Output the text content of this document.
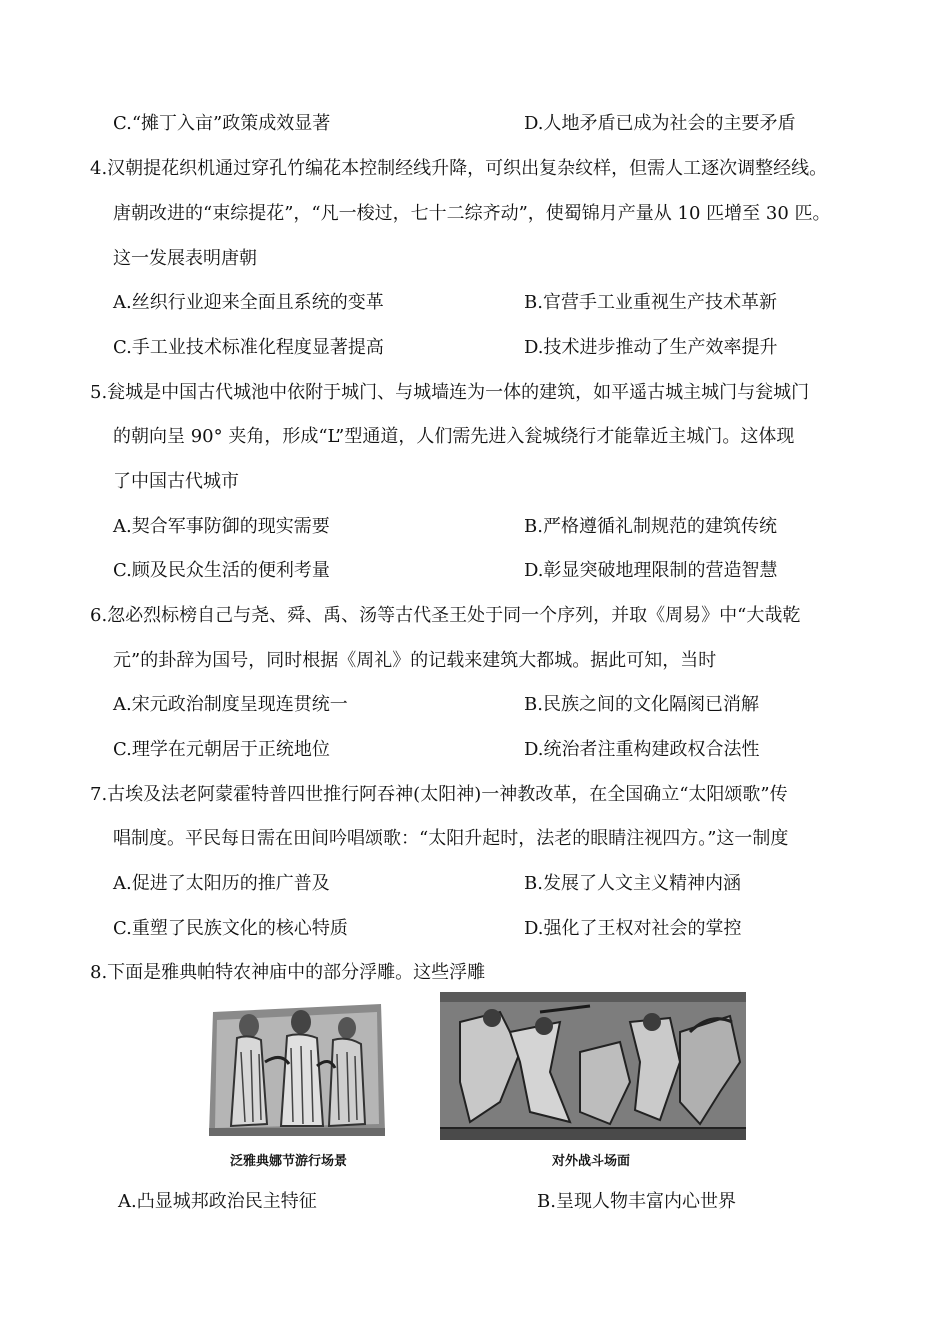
C.“摊丁入亩”政策成效显著	D.人地矛盾已成为社会的主要矛盾
4.汉朝提花织机通过穿孔竹编花本控制经线升降，可织出复杂纹样，但需人工逐次调整经线。
唐朝改进的“束综提花”，“凡一梭过，七十二综齐动”，使蜀锦月产量从 10 匹增至 30 匹。
这一发展表明唐朝
A.丝织行业迎来全面且系统的变革	B.官营手工业重视生产技术革新
C.手工业技术标准化程度显著提高	D.技术进步推动了生产效率提升
5.瓮城是中国古代城池中依附于城门、与城墙连为一体的建筑，如平遥古城主城门与瓮城门
的朝向呈 90° 夹角，形成“L”型通道，人们需先进入瓮城绕行才能靠近主城门。这体现
了中国古代城市
A.契合军事防御的现实需要	B.严格遵循礼制规范的建筑传统
C.顾及民众生活的便利考量	D.彰显突破地理限制的营造智慧
6.忽必烈标榜自己与尧、舜、禹、汤等古代圣王处于同一个序列，并取《周易》中“大哉乾
元”的卦辞为国号，同时根据《周礼》的记载来建筑大都城。据此可知，当时
A.宋元政治制度呈现连贯统一	B.民族之间的文化隔阂已消解
C.理学在元朝居于正统地位	D.统治者注重构建政权合法性
7.古埃及法老阿蒙霍特普四世推行阿吞神(太阳神)一神教改革，在全国确立“太阳颂歌”传
唱制度。平民每日需在田间吟唱颂歌：“太阳升起时，法老的眼睛注视四方。”这一制度
A.促进了太阳历的推广普及	B.发展了人文主义精神内涵
C.重塑了民族文化的核心特质	D.强化了王权对社会的掌控
8.下面是雅典帕特农神庙中的部分浮雕。这些浮雕
泛雅典娜节游行场景	对外战斗场面
A.凸显城邦政治民主特征	B.呈现人物丰富内心世界
